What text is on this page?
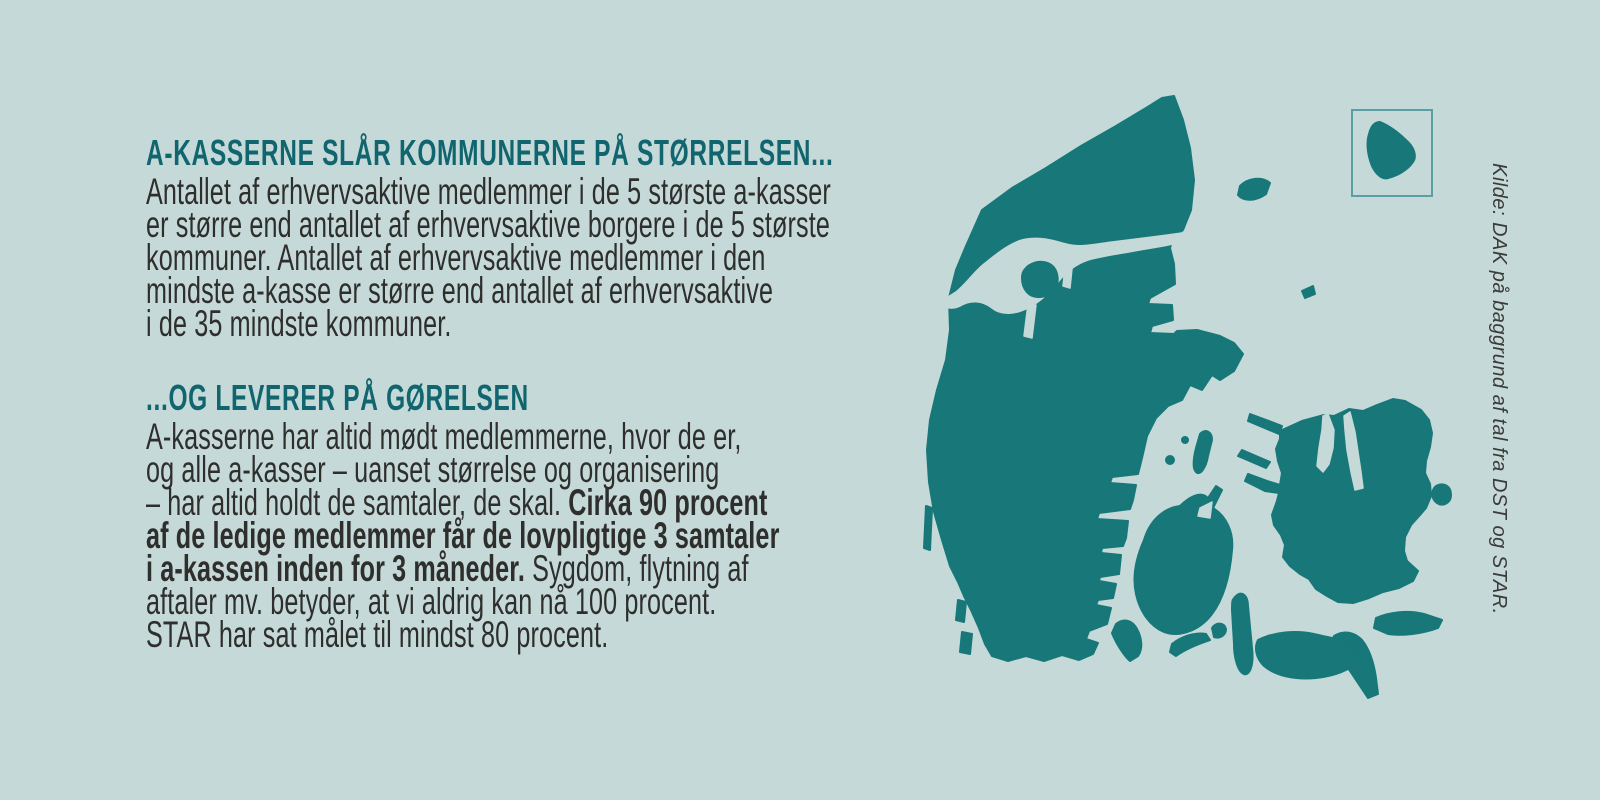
A-KASSERNE SLÅR KOMMUNERNE PÅ STØRRELSEN...
Antallet af erhvervsaktive medlemmer i de 5 største a-kasser
er større end antallet af erhvervsaktive borgere i de 5 største
kommuner. Antallet af erhvervsaktive medlemmer i den
mindste a-kasse er større end antallet af erhvervsaktive
i de 35 mindste kommuner.
...OG LEVERER PÅ GØRELSEN
A-kasserne har altid mødt medlemmerne, hvor de er,
og alle a-kasser – uanset størrelse og organisering
– har altid holdt de samtaler, de skal. Cirka 90 procent
af de ledige medlemmer får de lovpligtige 3 samtaler
i a-kassen inden for 3 måneder. Sygdom, flytning af
aftaler mv. betyder, at vi aldrig kan nå 100 procent.
STAR har sat målet til mindst 80 procent.
Kilde: DAK på baggrund af tal fra DST og STAR.
